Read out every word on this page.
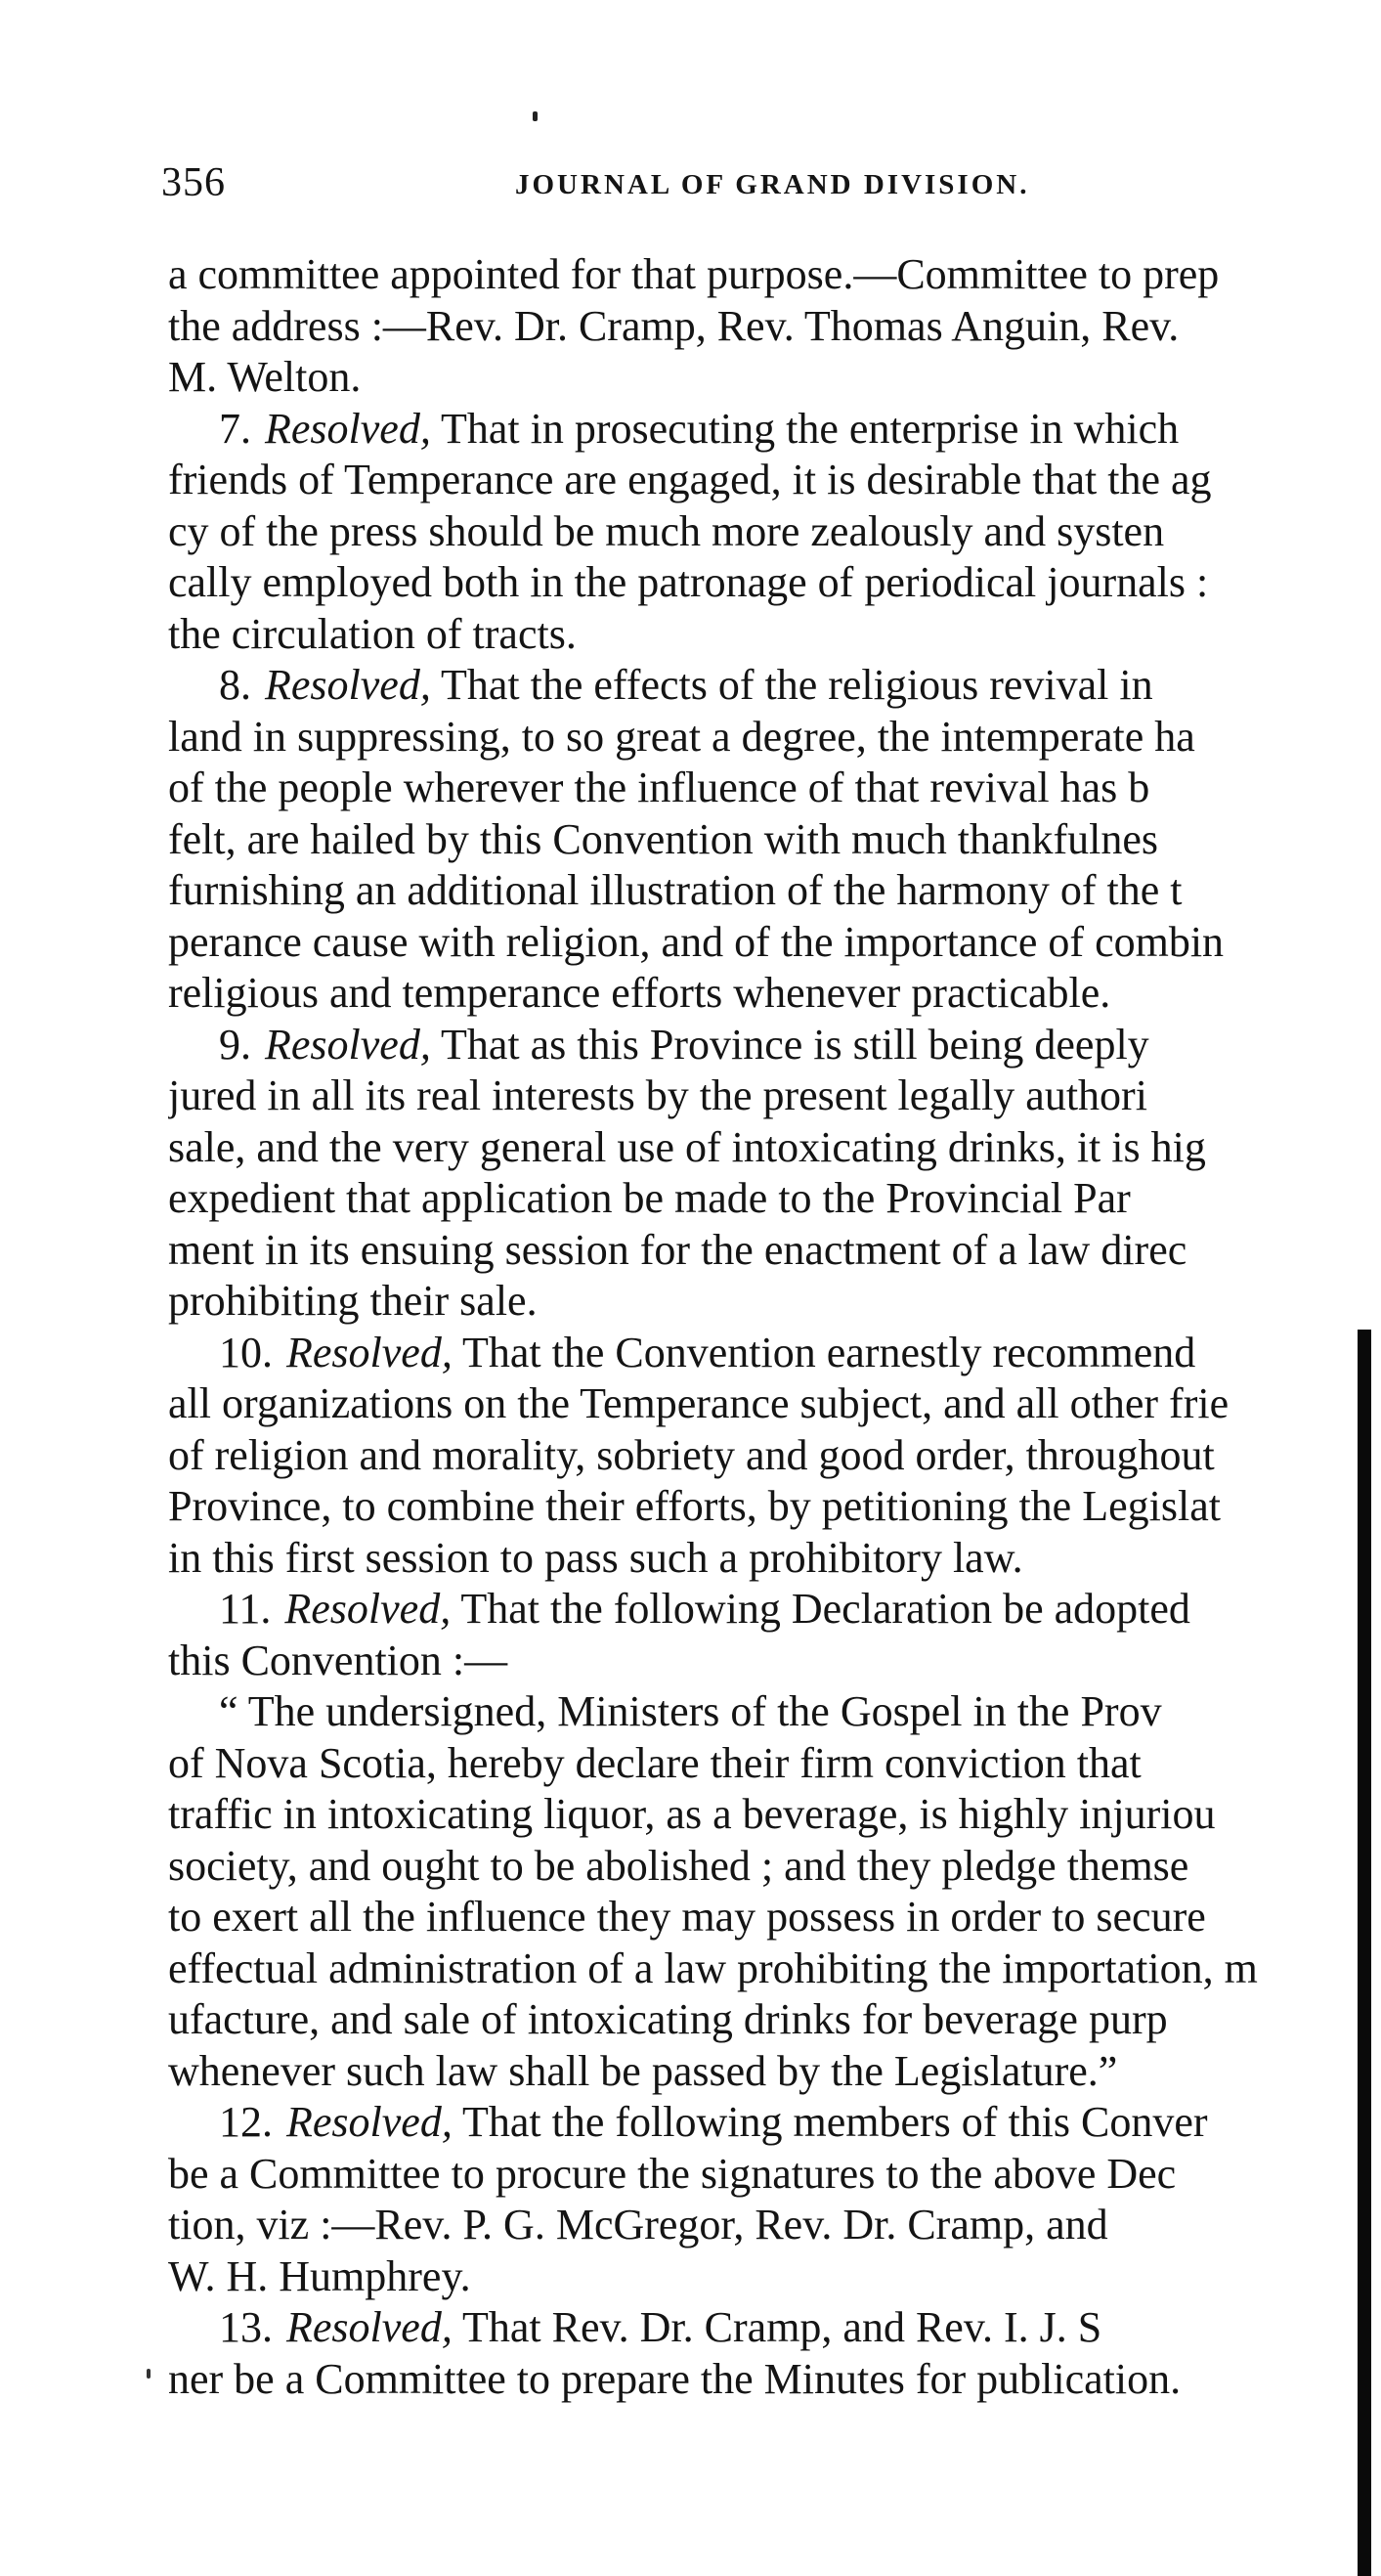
356	JOURNAL OF GRAND DIVISION.
a committee appointed for that purpose.—Committee to prep
the address :—Rev. Dr. Cramp, Rev. Thomas Anguin, Rev.
M. Welton.
7. Resolved, That in prosecuting the enterprise in which
friends of Temperance are engaged, it is desirable that the ag
cy of the press should be much more zealously and systen
cally employed both in the patronage of periodical journals :
the circulation of tracts.
8. Resolved, That the effects of the religious revival in
land in suppressing, to so great a degree, the intemperate ha
of the people wherever the influence of that revival has b
felt, are hailed by this Convention with much thankfulnes
furnishing an additional illustration of the harmony of the t
perance cause with religion, and of the importance of combin
religious and temperance efforts whenever practicable.
9. Resolved, That as this Province is still being deeply
jured in all its real interests by the present legally authori
sale, and the very general use of intoxicating drinks, it is hig
expedient that application be made to the Provincial Par
ment in its ensuing session for the enactment of a law direc
prohibiting their sale.
10. Resolved, That the Convention earnestly recommend
all organizations on the Temperance subject, and all other frie
of religion and morality, sobriety and good order, throughout
Province, to combine their efforts, by petitioning the Legislat
in this first session to pass such a prohibitory law.
11. Resolved, That the following Declaration be adopted
this Convention :—
“ The undersigned, Ministers of the Gospel in the Prov
of Nova Scotia, hereby declare their firm conviction that
traffic in intoxicating liquor, as a beverage, is highly injuriou
society, and ought to be abolished ; and they pledge themse
to exert all the influence they may possess in order to secure
effectual administration of a law prohibiting the importation, m
ufacture, and sale of intoxicating drinks for beverage purp
whenever such law shall be passed by the Legislature.”
12. Resolved, That the following members of this Conver
be a Committee to procure the signatures to the above Dec
tion, viz :—Rev. P. G. McGregor, Rev. Dr. Cramp, and
W. H. Humphrey.
13. Resolved, That Rev. Dr. Cramp, and Rev. I. J. S
ner be a Committee to prepare the Minutes for publication.
